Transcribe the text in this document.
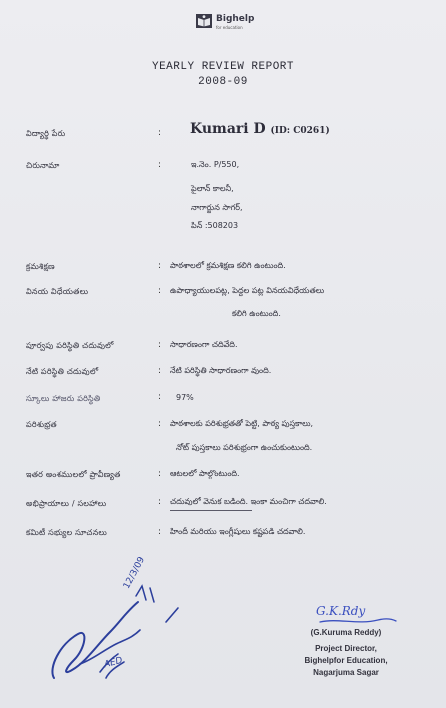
Bighelp
for education
YEARLY REVIEW REPORT
2008-09
విద్యార్థి పేరు	: Kumari D (ID: C0261)
చిరునామా	:	ఇ.నెం. P/550,
పైలాన్ కాలనీ,
నాగార్జున సాగర్,
పిన్ :508203
క్రమశిక్షణ	: పాఠశాలలో క్రమశిక్షణ కలిగి ఉంటుంది.
వినయ విధేయతలు	: ఉపాధ్యాయులపట్ల, పెద్దల పట్ల వినయవిధేయతలు
కలిగి ఉంటుంది.
పూర్వపు పరిస్థితి చదువులో	: సాధారణంగా చదివేది.
నేటి పరిస్థితి చదువులో	: నేటి పరిస్థితి సాధారణంగా వుంది.
స్కూలు హాజరు పరిస్థితి	: 97%
పరిశుభ్రత	: పాఠశాలకు పరిశుభ్రతతో పెట్టి, పాఠ్య పుస్తకాలు,
నోట్ పుస్తకాలు పరిశుభ్రంగా ఉంచుకుంటుంది.
ఇతర అంశములలో ప్రావీణ్యత	: ఆటలలో పాల్గొంటుంది.
అభిప్రాయాలు / సలహాలు	: చదువులో వెనుక బడింది. ఇంకా మంచిగా చదవాలి.
కమిటీ సభ్యుల సూచనలు	: హిందీ మరియు ఇంగ్లీషులు కష్టపడి చదవాలి.
12/3/09
AED
G.K.Rdy
(G.Kuruma Reddy)
Project Director,
Bighelpfor Education,
Nagarjuma Sagar
